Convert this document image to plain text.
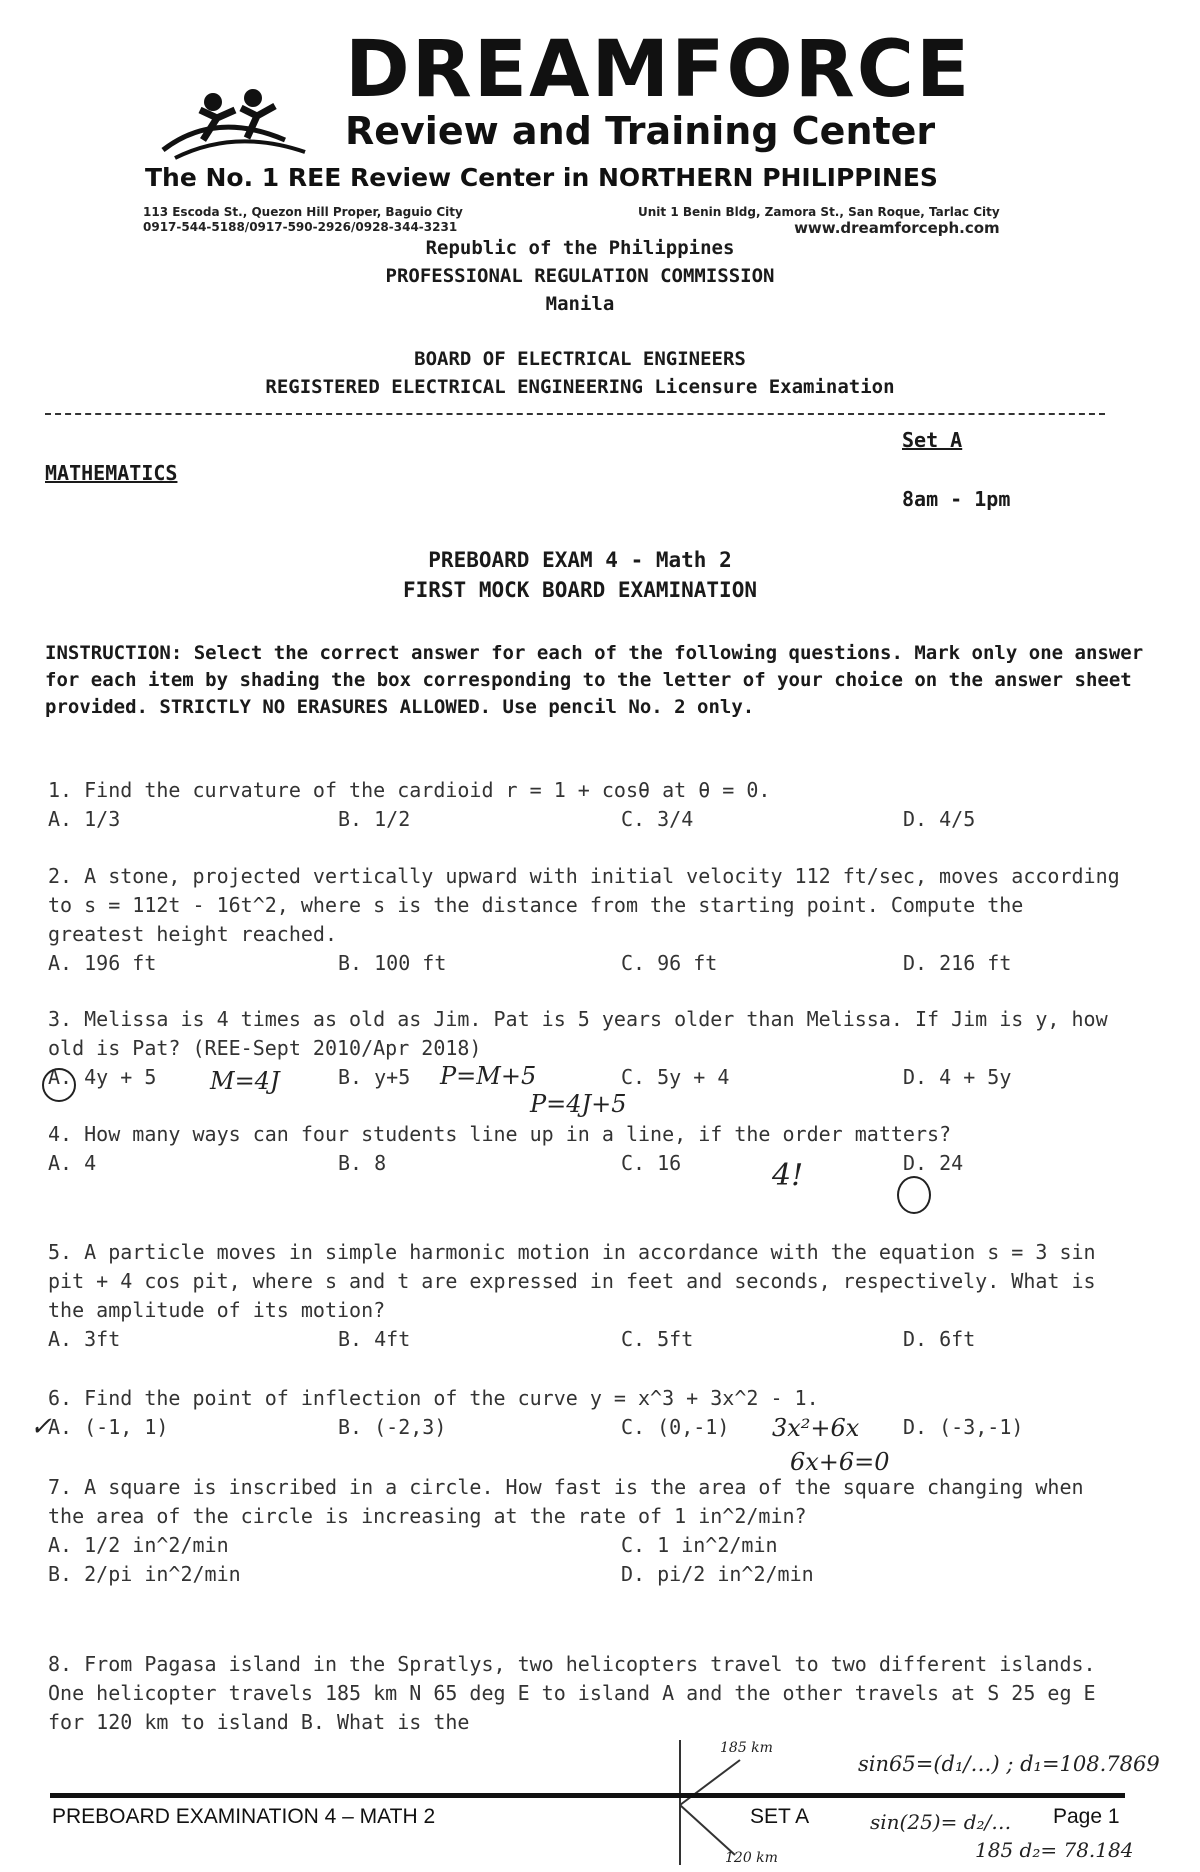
DREAMFORCE
Review and Training Center
The No. 1 REE Review Center in NORTHERN PHILIPPINES
113 Escoda St., Quezon Hill Proper, Baguio City
0917-544-5188/0917-590-2926/0928-344-3231
Unit 1 Benin Bldg, Zamora St., San Roque, Tarlac City
www.dreamforceph.com
Republic of the Philippines
PROFESSIONAL REGULATION COMMISSION
Manila
BOARD OF ELECTRICAL ENGINEERS
REGISTERED ELECTRICAL ENGINEERING Licensure Examination
Set A
MATHEMATICS
8am - 1pm
PREBOARD EXAM 4 - Math 2
FIRST MOCK BOARD EXAMINATION
INSTRUCTION: Select the correct answer for each of the following questions. Mark only one answer for each item by shading the box corresponding to the letter of your choice on the answer sheet provided. STRICTLY NO ERASURES ALLOWED. Use pencil No. 2 only.
1. Find the curvature of the cardioid r = 1 + cosθ at θ = 0.
A. 1/3	B. 1/2	C. 3/4	D. 4/5
2. A stone, projected vertically upward with initial velocity 112 ft/sec, moves according to s = 112t - 16t^2, where s is the distance from the starting point. Compute the greatest height reached.
A. 196 ft	B. 100 ft	C. 96 ft	D. 216 ft
3. Melissa is 4 times as old as Jim. Pat is 5 years older than Melissa. If Jim is y, how old is Pat? (REE-Sept 2010/Apr 2018)
A. 4y + 5	B. y+5	C. 5y + 4	D. 4 + 5y
M=4J	P=M+5
P=4J+5
4. How many ways can four students line up in a line, if the order matters?
A. 4	B. 8	C. 16	D. 24
4!
5. A particle moves in simple harmonic motion in accordance with the equation s = 3 sin pit + 4 cos pit, where s and t are expressed in feet and seconds, respectively. What is the amplitude of its motion?
A. 3ft	B. 4ft	C. 5ft	D. 6ft
6. Find the point of inflection of the curve y = x^3 + 3x^2 - 1.
A. (-1, 1)	B. (-2,3)	C. (0,-1)	D. (-3,-1)
✓	3x²+6x
6x+6=0
7. A square is inscribed in a circle. How fast is the area of the square changing when the area of the circle is increasing at the rate of 1 in^2/min?
A. 1/2 in^2/min	C. 1 in^2/min
B. 2/pi in^2/min	D. pi/2 in^2/min
8. From Pagasa island in the Spratlys, two helicopters travel to two different islands. One helicopter travels 185 km N 65 deg E to island A and the other travels at S 25 eg E for 120 km to island B. What is the
185 km
120 km
sin65=(d₁/…) ; d₁=108.7869
sin(25)= d₂/…
185 d₂= 78.184
PREBOARD EXAMINATION 4 – MATH 2	SET A	Page 1
